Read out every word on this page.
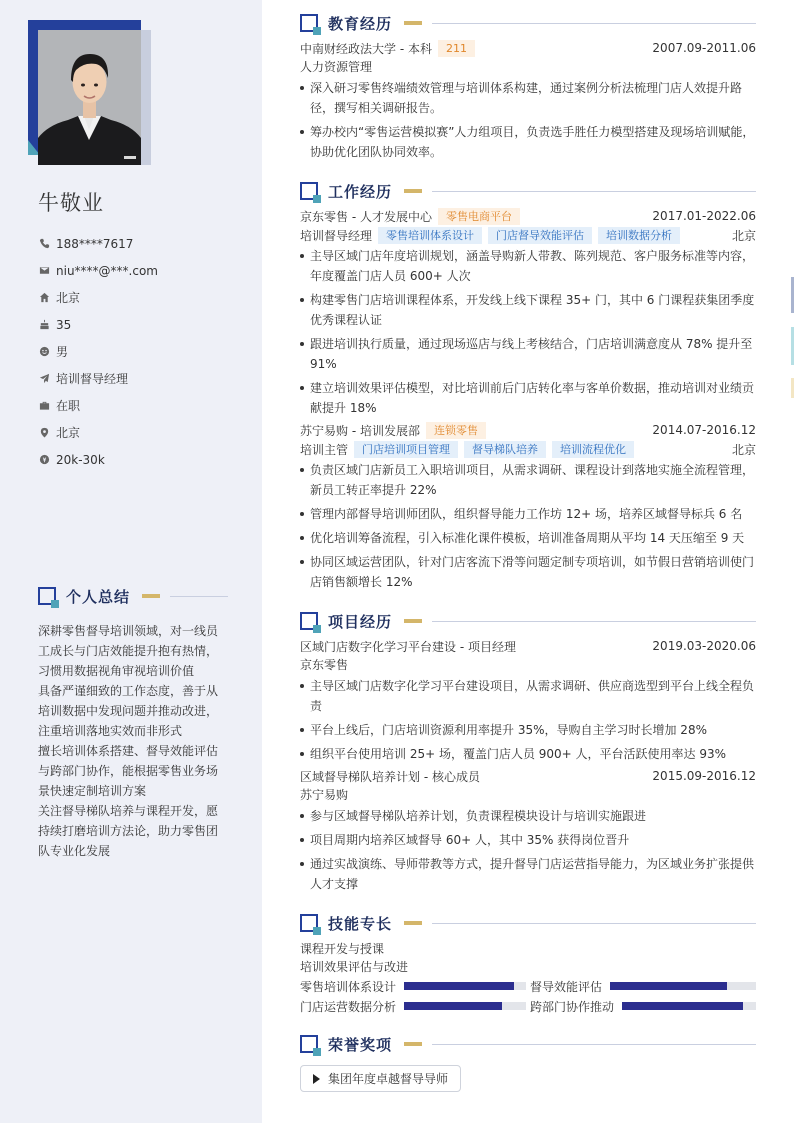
牛敬业
188****7617
niu****@***.com
北京
35
男
培训督导经理
在职
北京
20k-30k
个人总结

深耕零售督导培训领域，对一线员工成长与门店效能提升抱有热情，习惯用数据视角审视培训价值

具备严谨细致的工作态度，善于从培训数据中发现问题并推动改进，注重培训落地实效而非形式

擅长培训体系搭建、督导效能评估与跨部门协作，能根据零售业务场景快速定制培训方案

关注督导梯队培养与课程开发，愿持续打磨培训方法论，助力零售团队专业化发展

教育经历
中南财经政法大学 - 本科	211	2007.09-2011.06
人力资源管理
深入研习零售终端绩效管理与培训体系构建，通过案例分析法梳理门店人效提升路径，撰写相关调研报告。
筹办校内“零售运营模拟赛”人力组项目，负责选手胜任力模型搭建及现场培训赋能，协助优化团队协同效率。
工作经历
京东零售 - 人才发展中心	零售电商平台	2017.01-2022.06
培训督导经理	零售培训体系设计	门店督导效能评估	培训数据分析	北京
主导区域门店年度培训规划，涵盖导购新人带教、陈列规范、客户服务标准等内容，年度覆盖门店人员 600+ 人次
构建零售门店培训课程体系，开发线上线下课程 35+ 门，其中 6 门课程获集团季度优秀课程认证
跟进培训执行质量，通过现场巡店与线上考核结合，门店培训满意度从 78% 提升至 91%
建立培训效果评估模型，对比培训前后门店转化率与客单价数据，推动培训对业绩贡献提升 18%
苏宁易购 - 培训发展部	连锁零售	2014.07-2016.12
培训主管	门店培训项目管理	督导梯队培养	培训流程优化	北京
负责区域门店新员工入职培训项目，从需求调研、课程设计到落地实施全流程管理，新员工转正率提升 22%
管理内部督导培训师团队，组织督导能力工作坊 12+ 场，培养区域督导标兵 6 名
优化培训筹备流程，引入标准化课件模板，培训准备周期从平均 14 天压缩至 9 天
协同区域运营团队，针对门店客流下滑等问题定制专项培训，如节假日营销培训使门店销售额增长 12%
项目经历
区域门店数字化学习平台建设 - 项目经理	2019.03-2020.06
京东零售
主导区域门店数字化学习平台建设项目，从需求调研、供应商选型到平台上线全程负责
平台上线后，门店培训资源利用率提升 35%，导购自主学习时长增加 28%
组织平台使用培训 25+ 场，覆盖门店人员 900+ 人，平台活跃使用率达 93%
区域督导梯队培养计划 - 核心成员	2015.09-2016.12
苏宁易购
参与区域督导梯队培养计划，负责课程模块设计与培训实施跟进
项目周期内培养区域督导 60+ 人，其中 35% 获得岗位晋升
通过实战演练、导师带教等方式，提升督导门店运营指导能力，为区域业务扩张提供人才支撑
技能专长
课程开发与授课
培训效果评估与改进
零售培训体系设计	督导效能评估
门店运营数据分析	跨部门协作推动
荣誉奖项
集团年度卓越督导导师
